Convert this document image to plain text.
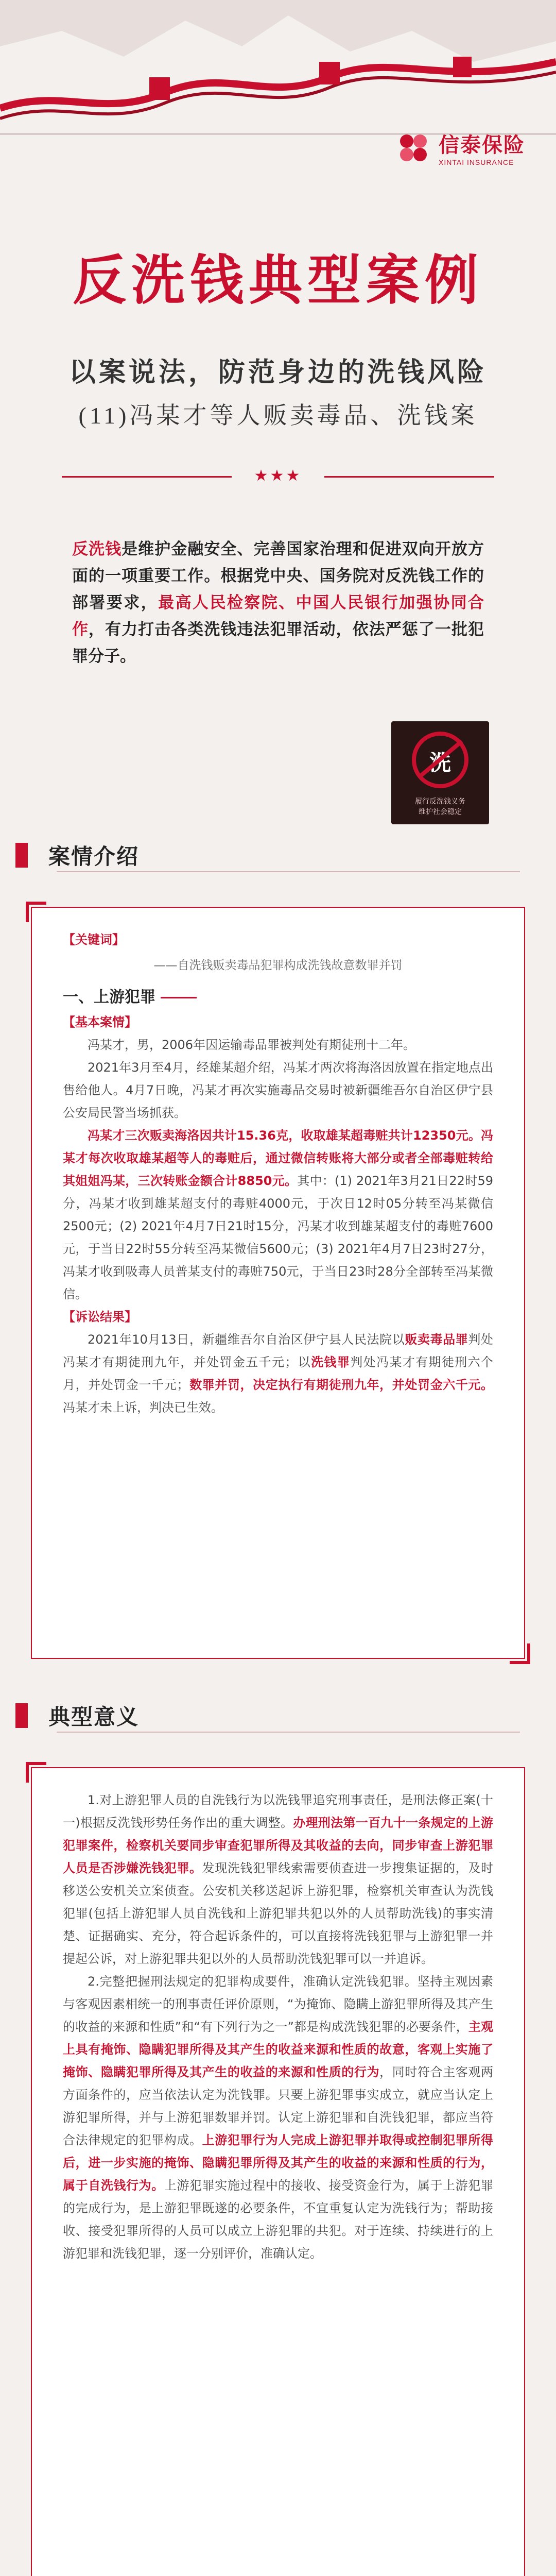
信泰保险
XINTAI INSURANCE
反洗钱典型案例
以案说法，防范身边的洗钱风险
(11)冯某才等人贩卖毒品、洗钱案
★★★
反洗钱是维护金融安全、完善国家治理和促进双向开放方面的一项重要工作。根据党中央、国务院对反洗钱工作的部署要求，最高人民检察院、中国人民银行加强协同合作，有力打击各类洗钱违法犯罪活动，依法严惩了一批犯罪分子。
洗
履行反洗钱义务
维护社会稳定
案情介绍
【关键词】
——自洗钱贩卖毒品犯罪构成洗钱故意数罪并罚
一、上游犯罪
【基本案情】

冯某才，男，2006年因运输毒品罪被判处有期徒刑十二年。

2021年3月至4月，经雄某超介绍，冯某才两次将海洛因放置在指定地点出售给他人。4月7日晚，冯某才再次实施毒品交易时被新疆维吾尔自治区伊宁县公安局民警当场抓获。

冯某才三次贩卖海洛因共计15.36克，收取雄某超毒赃共计12350元。冯某才每次收取雄某超等人的毒赃后，通过微信转账将大部分或者全部毒赃转给其姐姐冯某，三次转账金额合计8850元。其中：(1) 2021年3月21日22时59分，冯某才收到雄某超支付的毒赃4000元，于次日12时05分转至冯某微信2500元；(2) 2021年4月7日21时15分，冯某才收到雄某超支付的毒赃7600元，于当日22时55分转至冯某微信5600元；(3) 2021年4月7日23时27分，冯某才收到吸毒人员普某支付的毒赃750元，于当日23时28分全部转至冯某微信。

【诉讼结果】

2021年10月13日，新疆维吾尔自治区伊宁县人民法院以贩卖毒品罪判处冯某才有期徒刑九年，并处罚金五千元；以洗钱罪判处冯某才有期徒刑六个月，并处罚金一千元；数罪并罚，决定执行有期徒刑九年，并处罚金六千元。冯某才未上诉，判决已生效。

典型意义

1.对上游犯罪人员的自洗钱行为以洗钱罪追究刑事责任，是刑法修正案(十一)根据反洗钱形势任务作出的重大调整。办理刑法第一百九十一条规定的上游犯罪案件，检察机关要同步审查犯罪所得及其收益的去向，同步审查上游犯罪人员是否涉嫌洗钱犯罪。发现洗钱犯罪线索需要侦查进一步搜集证据的，及时移送公安机关立案侦查。公安机关移送起诉上游犯罪，检察机关审查认为洗钱犯罪(包括上游犯罪人员自洗钱和上游犯罪共犯以外的人员帮助洗钱)的事实清楚、证据确实、充分，符合起诉条件的，可以直接将洗钱犯罪与上游犯罪一并提起公诉，对上游犯罪共犯以外的人员帮助洗钱犯罪可以一并追诉。

2.完整把握刑法规定的犯罪构成要件，准确认定洗钱犯罪。坚持主观因素与客观因素相统一的刑事责任评价原则，“为掩饰、隐瞒上游犯罪所得及其产生的收益的来源和性质”和“有下列行为之一”都是构成洗钱犯罪的必要条件，主观上具有掩饰、隐瞒犯罪所得及其产生的收益来源和性质的故意，客观上实施了掩饰、隐瞒犯罪所得及其产生的收益的来源和性质的行为，同时符合主客观两方面条件的，应当依法认定为洗钱罪。只要上游犯罪事实成立，就应当认定上游犯罪所得，并与上游犯罪数罪并罚。认定上游犯罪和自洗钱犯罪，都应当符合法律规定的犯罪构成。上游犯罪行为人完成上游犯罪并取得或控制犯罪所得后，进一步实施的掩饰、隐瞒犯罪所得及其产生的收益的来源和性质的行为，属于自洗钱行为。上游犯罪实施过程中的接收、接受资金行为，属于上游犯罪的完成行为，是上游犯罪既遂的必要条件，不宜重复认定为洗钱行为；帮助接收、接受犯罪所得的人员可以成立上游犯罪的共犯。对于连续、持续进行的上游犯罪和洗钱犯罪，逐一分别评价，准确认定。
